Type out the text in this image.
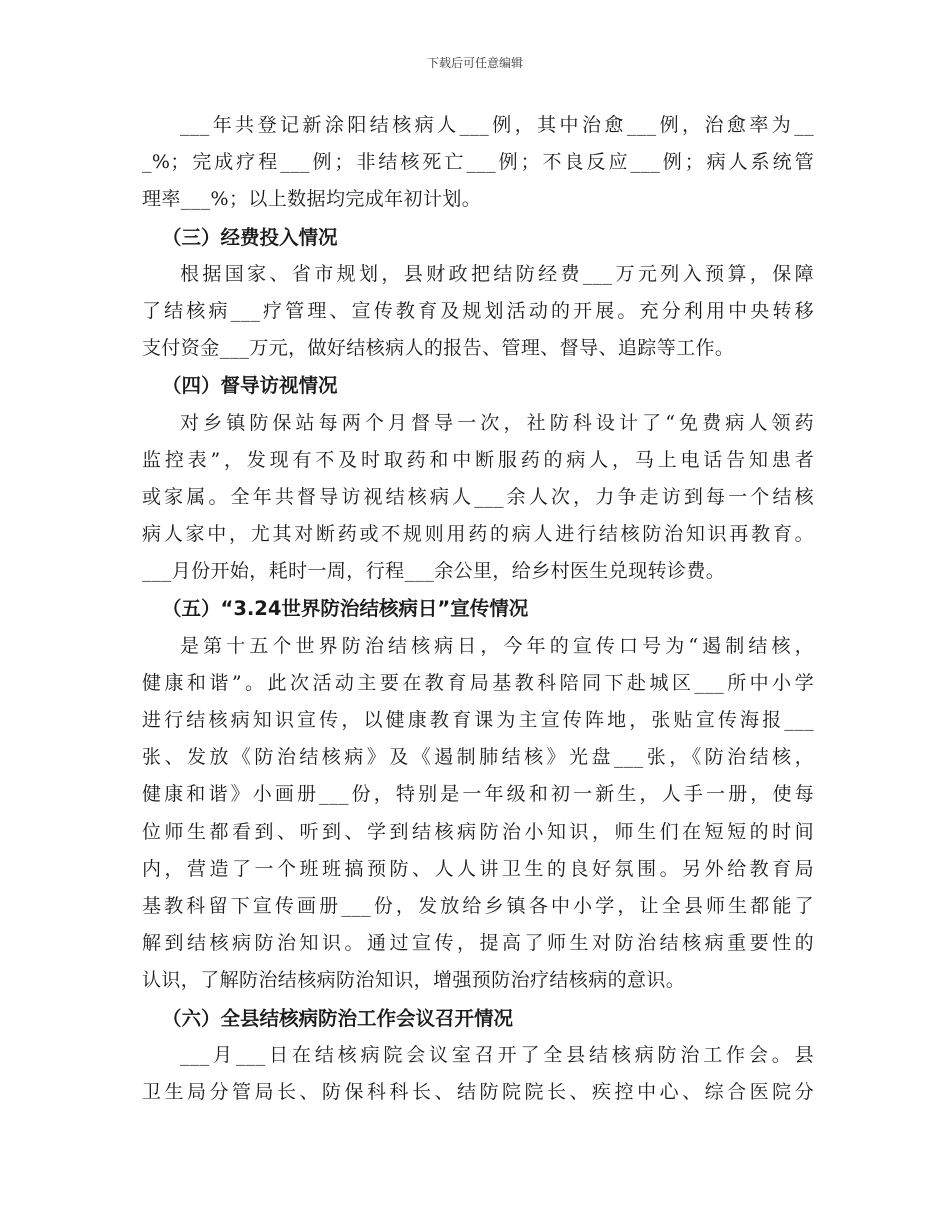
下载后可任意编辑
___年共登记新涂阳结核病人___例，其中治愈___例，治愈率为__
_%；完成疗程___例；非结核死亡___例；不良反应___例；病人系统管
理率___%；以上数据均完成年初计划。
（三）经费投入情况
根据国家、省市规划，县财政把结防经费___万元列入预算，保障
了结核病___疗管理、宣传教育及规划活动的开展。充分利用中央转移
支付资金___万元，做好结核病人的报告、管理、督导、追踪等工作。
（四）督导访视情况
对乡镇防保站每两个月督导一次，社防科设计了“免费病人领药
监控表”，发现有不及时取药和中断服药的病人，马上电话告知患者
或家属。全年共督导访视结核病人___余人次，力争走访到每一个结核
病人家中，尤其对断药或不规则用药的病人进行结核防治知识再教育。
___月份开始，耗时一周，行程___余公里，给乡村医生兑现转诊费。
（五）“3.24世界防治结核病日”宣传情况
是第十五个世界防治结核病日，今年的宣传口号为“遏制结核，
健康和谐”。此次活动主要在教育局基教科陪同下赴城区___所中小学
进行结核病知识宣传，以健康教育课为主宣传阵地，张贴宣传海报___
张、发放《防治结核病》及《遏制肺结核》光盘___张，《防治结核，
健康和谐》小画册___份，特别是一年级和初一新生，人手一册，使每
位师生都看到、听到、学到结核病防治小知识，师生们在短短的时间
内，营造了一个班班搞预防、人人讲卫生的良好氛围。另外给教育局
基教科留下宣传画册___份，发放给乡镇各中小学，让全县师生都能了
解到结核病防治知识。通过宣传，提高了师生对防治结核病重要性的
认识，了解防治结核病防治知识，增强预防治疗结核病的意识。
（六）全县结核病防治工作会议召开情况
___月___日在结核病院会议室召开了全县结核病防治工作会。县
卫生局分管局长、防保科科长、结防院院长、疾控中心、综合医院分
